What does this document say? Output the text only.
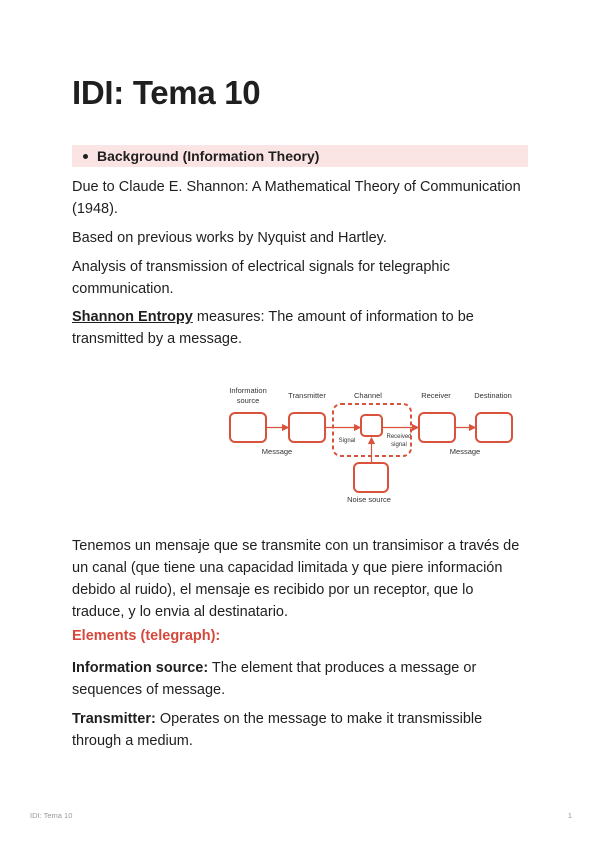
IDI: Tema 10
Background (Information Theory)

Due to Claude E. Shannon: A Mathematical Theory of Communication (1948).

Based on previous works by Nyquist and Hartley.

Analysis of transmission of electrical signals for telegraphic communication.

Shannon Entropy measures: The amount of information to be transmitted by a message.

Information
source
Transmitter	Channel	Receiver	Destination
Message	Message
Signal
Received
signal
Noise source

Tenemos un mensaje que se transmite con un transimisor a través de un canal (que tiene una capacidad limitada y que piere información debido al ruido), el mensaje es recibido por un receptor, que lo traduce, y lo envia al destinatario.

Elements (telegraph):

Information source: The element that produces a message or sequences of message.

Transmitter: Operates on the message to make it transmissible through a medium.

IDI: Tema 10	1
